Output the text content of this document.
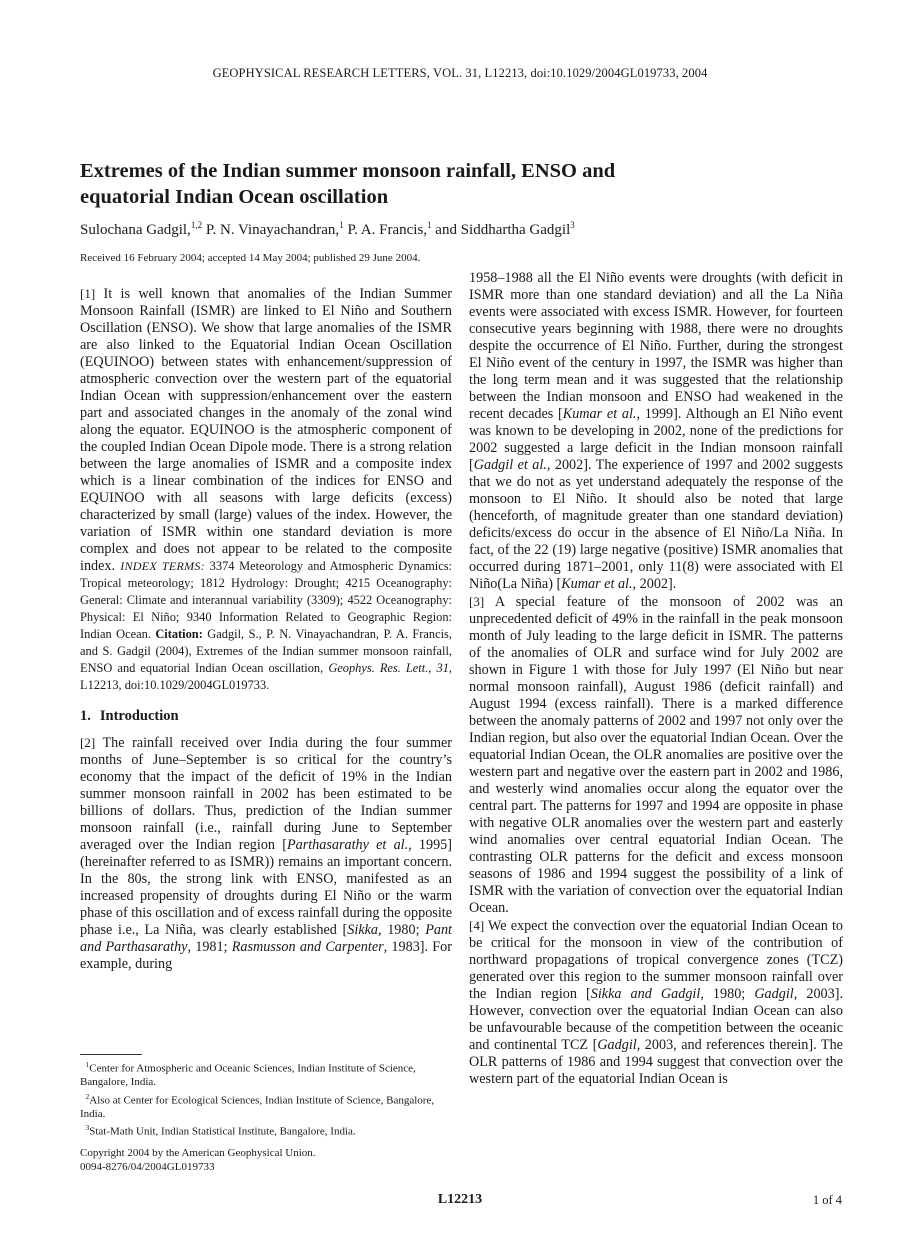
GEOPHYSICAL RESEARCH LETTERS, VOL. 31, L12213, doi:10.1029/2004GL019733, 2004
Extremes of the Indian summer monsoon rainfall, ENSO and
equatorial Indian Ocean oscillation
Sulochana Gadgil,$^{1,2}$ P. N. Vinayachandran,$^1$ P. A. Francis,$^1$ and Siddhartha Gadgil$^3$
Received 16 February 2004; accepted 14 May 2004; published 29 June 2004.

[1] It is well known that anomalies of the Indian Summer Monsoon Rainfall (ISMR) are linked to El Niño and Southern Oscillation (ENSO). We show that large anomalies of the ISMR are also linked to the Equatorial Indian Ocean Oscillation (EQUINOO) between states with enhancement/suppression of atmospheric convection over the western part of the equatorial Indian Ocean with suppression/enhancement over the eastern part and associated changes in the anomaly of the zonal wind along the equator. EQUINOO is the atmospheric component of the coupled Indian Ocean Dipole mode. There is a strong relation between the large anomalies of ISMR and a composite index which is a linear combination of the indices for ENSO and EQUINOO with all seasons with large deficits (excess) characterized by small (large) values of the index. However, the variation of ISMR within one standard deviation is more complex and does not appear to be related to the composite index. INDEX TERMS: 3374 Meteorology and Atmospheric Dynamics: Tropical meteorology; 1812 Hydrology: Drought; 4215 Oceanography: General: Climate and interannual variability (3309); 4522 Oceanography: Physical: El Niño; 9340 Information Related to Geographic Region: Indian Ocean. Citation: Gadgil, S., P. N. Vinayachandran, P. A. Francis, and S. Gadgil (2004), Extremes of the Indian summer monsoon rainfall, ENSO and equatorial Indian Ocean oscillation, Geophys. Res. Lett., 31, L12213, doi:10.1029/2004GL019733.

1. Introduction

[2] The rainfall received over India during the four summer months of June–September is so critical for the country’s economy that the impact of the deficit of 19% in the Indian summer monsoon rainfall in 2002 has been estimated to be billions of dollars. Thus, prediction of the Indian summer monsoon rainfall (i.e., rainfall during June to September averaged over the Indian region [Parthasarathy et al., 1995] (hereinafter referred to as ISMR)) remains an important concern. In the 80s, the strong link with ENSO, manifested as an increased propensity of droughts during El Niño or the warm phase of this oscillation and of excess rainfall during the opposite phase i.e., La Niña, was clearly established [Sikka, 1980; Pant and Parthasarathy, 1981; Rasmusson and Carpenter, 1983]. For example, during

$^1$Center for Atmospheric and Oceanic Sciences, Indian Institute of Science, Bangalore, India.

$^2$Also at Center for Ecological Sciences, Indian Institute of Science, Bangalore, India.

$^3$Stat-Math Unit, Indian Statistical Institute, Bangalore, India.

Copyright 2004 by the American Geophysical Union.

0094-8276/04/2004GL019733

1958–1988 all the El Niño events were droughts (with deficit in ISMR more than one standard deviation) and all the La Niña events were associated with excess ISMR. However, for fourteen consecutive years beginning with 1988, there were no droughts despite the occurrence of El Niño. Further, during the strongest El Niño event of the century in 1997, the ISMR was higher than the long term mean and it was suggested that the relationship between the Indian monsoon and ENSO had weakened in the recent decades [Kumar et al., 1999]. Although an El Niño event was known to be developing in 2002, none of the predictions for 2002 suggested a large deficit in the Indian monsoon rainfall [Gadgil et al., 2002]. The experience of 1997 and 2002 suggests that we do not as yet understand adequately the response of the monsoon to El Niño. It should also be noted that large (henceforth, of magnitude greater than one standard deviation) deficits/excess do occur in the absence of El Niño/La Niña. In fact, of the 22 (19) large negative (positive) ISMR anomalies that occurred during 1871–2001, only 11(8) were associated with El Niño(La Niña) [Kumar et al., 2002].

[3] A special feature of the monsoon of 2002 was an unprecedented deficit of 49% in the rainfall in the peak monsoon month of July leading to the large deficit in ISMR. The patterns of the anomalies of OLR and surface wind for July 2002 are shown in Figure 1 with those for July 1997 (El Niño but near normal monsoon rainfall), August 1986 (deficit rainfall) and August 1994 (excess rainfall). There is a marked difference between the anomaly patterns of 2002 and 1997 not only over the Indian region, but also over the equatorial Indian Ocean. Over the equatorial Indian Ocean, the OLR anomalies are positive over the western part and negative over the eastern part in 2002 and 1986, and westerly wind anomalies occur along the equator over the central part. The patterns for 1997 and 1994 are opposite in phase with negative OLR anomalies over the western part and easterly wind anomalies over central equatorial Indian Ocean. The contrasting OLR patterns for the deficit and excess monsoon seasons of 1986 and 1994 suggest the possibility of a link of ISMR with the variation of convection over the equatorial Indian Ocean.

[4] We expect the convection over the equatorial Indian Ocean to be critical for the monsoon in view of the contribution of northward propagations of tropical convergence zones (TCZ) generated over this region to the summer monsoon rainfall over the Indian region [Sikka and Gadgil, 1980; Gadgil, 2003]. However, convection over the equatorial Indian Ocean can also be unfavourable because of the competition between the oceanic and continental TCZ [Gadgil, 2003, and references therein]. The OLR patterns of 1986 and 1994 suggest that convection over the western part of the equatorial Indian Ocean is

L12213	1 of 4
